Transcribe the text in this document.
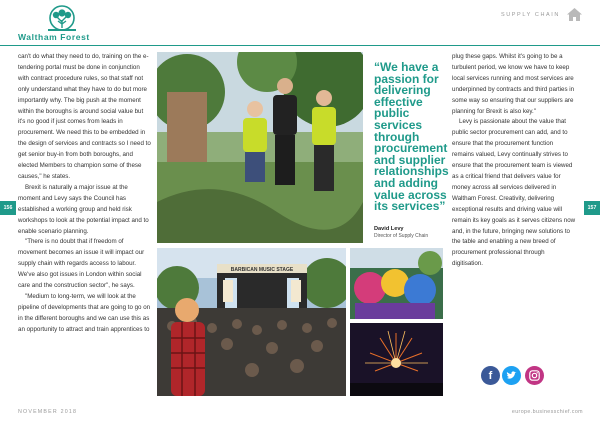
Waltham Forest
SUPPLY CHAIN
156	157

can't do what they need to do, training on the e-tendering portal must be done in conjunction with contract procedure rules, so that staff not only understand what they have to do but more importantly why. The big push at the moment within the boroughs is around social value but it's no good if just comes from leads in procurement. We need this to be embedded in the design of services and contracts so I need to get senior buy-in from both boroughs, and elected Members to champion some of these causes," he states.

Brexit is naturally a major issue at the moment and Levy says the Council has established a working group and held risk workshops to look at the potential impact and to enable scenario planning.

"There is no doubt that if freedom of movement becomes an issue it will impact our supply chain with regards access to labour. We've also got issues in London within social care and the construction sector", he says.

"Medium to long-term, we will look at the pipeline of developments that are going to go on in the different boroughs and we can use this as an opportunity to attract and train apprentices to

“We have a passion for delivering effective public services through procurement and supplier relationships and adding value across its services”
David Levy
Director of Supply Chain
BARBICAN MUSIC STAGE

plug these gaps. Whilst it's going to be a turbulent period, we know we have to keep local services running and most services are underpinned by contracts and third parties in some way so ensuring that our suppliers are planning for Brexit is also key."

Levy is passionate about the value that public sector procurement can add, and to ensure that the procurement function remains valued, Levy continually strives to ensure that the procurement team is viewed as a critical friend that delivers value for money across all services delivered in Waltham Forest. Creativity, delivering exceptional results and driving value will remain its key goals as it serves citizens now and, in the future, bringing new solutions to the table and enabling a new breed of procurement professional through digitisation.

f
NOVEMBER 2018	europe.businesschief.com
